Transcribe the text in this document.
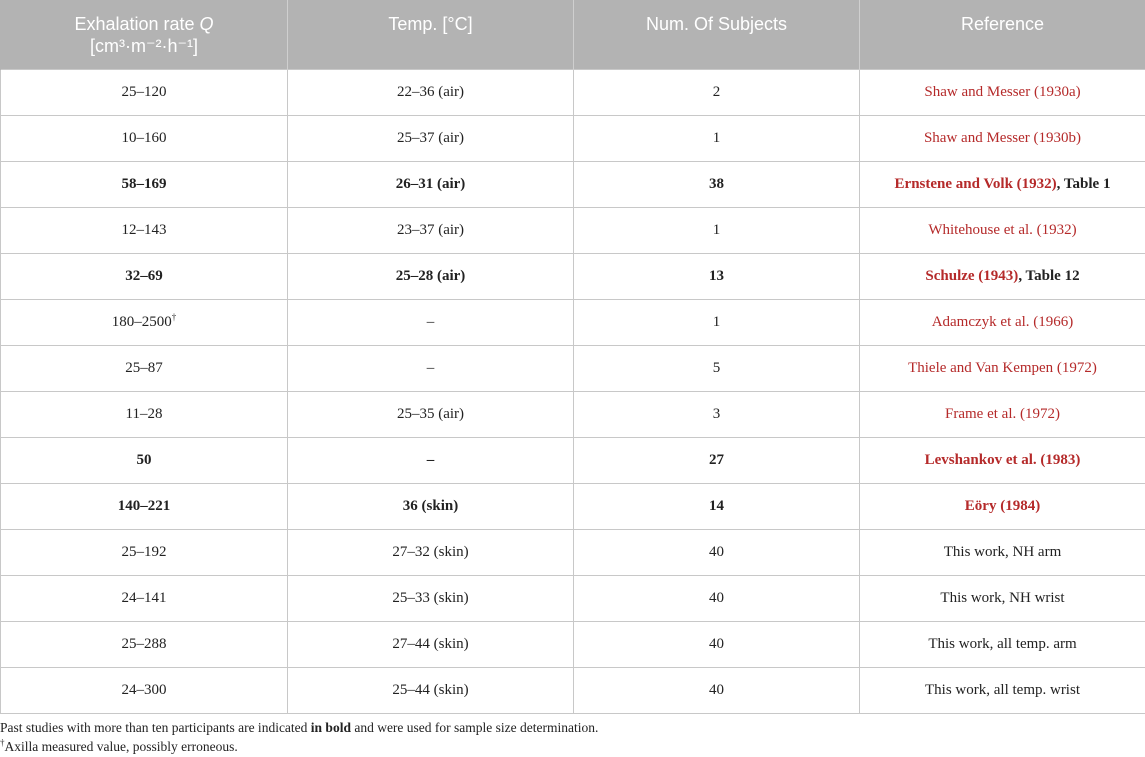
Exhalation rate Q
[cm³·m⁻²·h⁻¹]	Temp. [°C]	Num. Of Subjects	Reference
25–120	22–36 (air)	2	Shaw and Messer (1930a)
10–160	25–37 (air)	1	Shaw and Messer (1930b)
58–169	26–31 (air)	38	Ernstene and Volk (1932), Table 1
12–143	23–37 (air)	1	Whitehouse et al. (1932)
32–69	25–28 (air)	13	Schulze (1943), Table 12
180–2500†	–	1	Adamczyk et al. (1966)
25–87	–	5	Thiele and Van Kempen (1972)
11–28	25–35 (air)	3	Frame et al. (1972)
50	–	27	Levshankov et al. (1983)
140–221	36 (skin)	14	Eöry (1984)
25–192	27–32 (skin)	40	This work, NH arm
24–141	25–33 (skin)	40	This work, NH wrist
25–288	27–44 (skin)	40	This work, all temp. arm
24–300	25–44 (skin)	40	This work, all temp. wrist
Past studies with more than ten participants are indicated in bold and were used for sample size determination.
†Axilla measured value, possibly erroneous.
